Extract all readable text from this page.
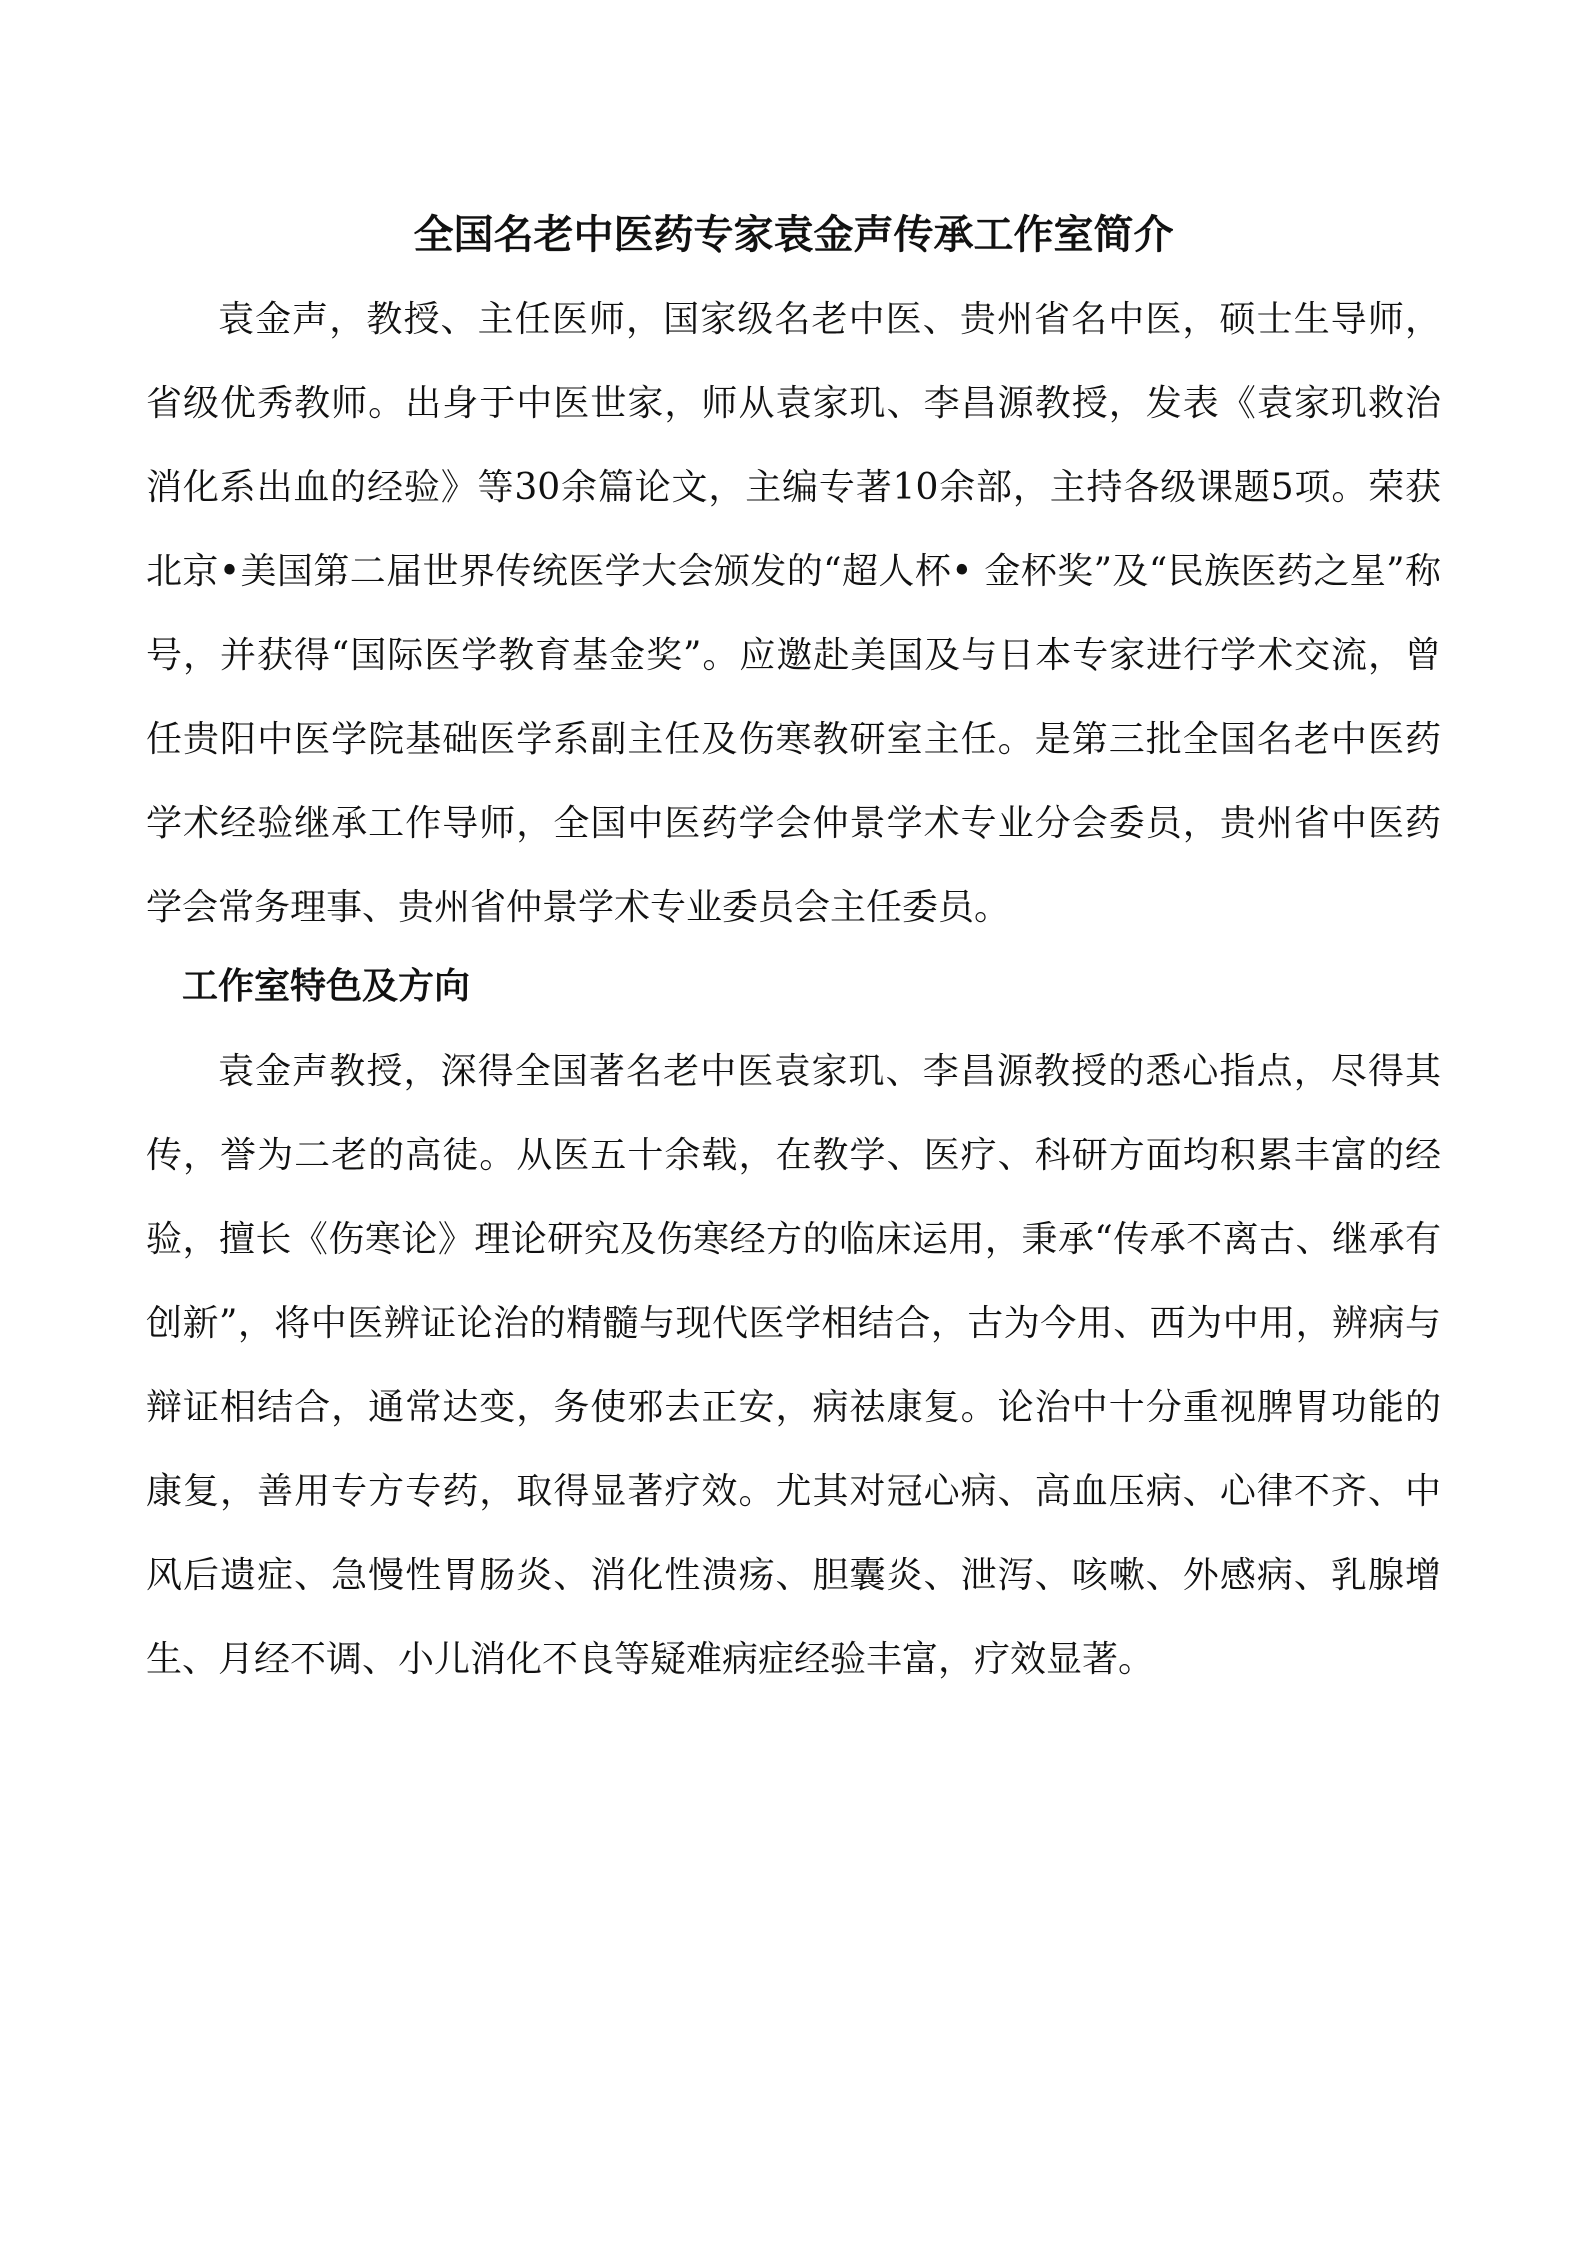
全国名老中医药专家袁金声传承工作室简介

袁金声，教授、主任医师，国家级名老中医、贵州省名中医，硕士生导师，省级优秀教师。出身于中医世家，师从袁家玑、李昌源教授，发表《袁家玑救治消化系出血的经验》等30余篇论文，主编专著10余部，主持各级课题5项。荣获北京•美国第二届世界传统医学大会颁发的“超人杯• 金杯奖”及“民族医药之星”称号，并获得“国际医学教育基金奖”。应邀赴美国及与日本专家进行学术交流，曾任贵阳中医学院基础医学系副主任及伤寒教研室主任。是第三批全国名老中医药学术经验继承工作导师，全国中医药学会仲景学术专业分会委员，贵州省中医药学会常务理事、贵州省仲景学术专业委员会主任委员。

工作室特色及方向

袁金声教授，深得全国著名老中医袁家玑、李昌源教授的悉心指点，尽得其传，誉为二老的高徒。从医五十余载，在教学、医疗、科研方面均积累丰富的经验，擅长《伤寒论》理论研究及伤寒经方的临床运用，秉承“传承不离古、继承有创新”，将中医辨证论治的精髓与现代医学相结合，古为今用、西为中用，辨病与辩证相结合，通常达变，务使邪去正安，病祛康复。论治中十分重视脾胃功能的康复，善用专方专药，取得显著疗效。尤其对冠心病、高血压病、心律不齐、中风后遗症、急慢性胃肠炎、消化性溃疡、胆囊炎、泄泻、咳嗽、外感病、乳腺增生、月经不调、小儿消化不良等疑难病症经验丰富，疗效显著。
